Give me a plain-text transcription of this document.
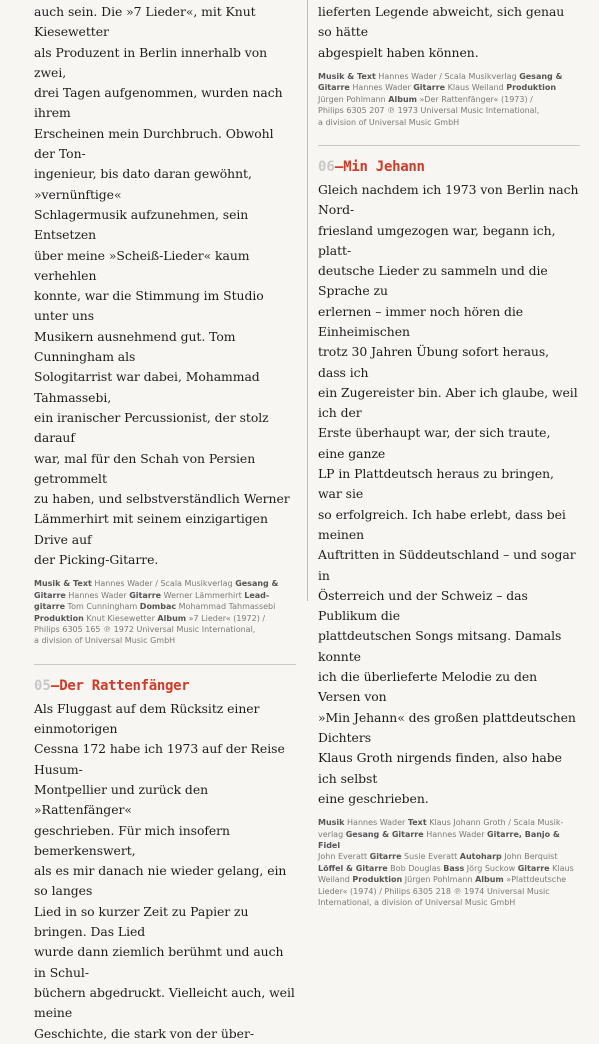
auch sein. Die »7 Lieder«, mit Knut Kiesewetter
als Produzent in Berlin innerhalb von zwei,
drei Tagen aufgenommen, wurden nach ihrem
Erscheinen mein Durchbruch. Obwohl der Ton-
ingenieur, bis dato daran gewöhnt, »vernünftige«
Schlagermusik aufzunehmen, sein Entsetzen
über meine »Scheiß-Lieder« kaum verhehlen
konnte, war die Stimmung im Studio unter uns
Musikern ausnehmend gut. Tom Cunningham als
Sologitarrist war dabei, Mohammad Tahmassebi,
ein iranischer Percussionist, der stolz darauf
war, mal für den Schah von Persien getrommelt
zu haben, und selbstverständlich Werner
Lämmerhirt mit seinem einzigartigen Drive auf
der Picking-Gitarre.

Musik & Text Hannes Wader / Scala Musikverlag Gesang &
Gitarre Hannes Wader Gitarre Werner Lämmerhirt Lead-
gitarre Tom Cunningham Dombac Mohammad Tahmassebi
Produktion Knut Kiesewetter Album »7 Lieder« (1972) /
Philips 6305 165 ℗ 1972 Universal Music International,
a division of Universal Music GmbH
05—Der Rattenfänger

Als Fluggast auf dem Rücksitz einer einmotorigen
Cessna 172 habe ich 1973 auf der Reise Husum-
Montpellier und zurück den »Rattenfänger«
geschrieben. Für mich insofern bemerkenswert,
als es mir danach nie wieder gelang, ein so langes
Lied in so kurzer Zeit zu Papier zu bringen. Das Lied
wurde dann ziemlich berühmt und auch in Schul-
büchern abgedruckt. Vielleicht auch, weil meine
Geschichte, die stark von der über-

lieferten Legende abweicht, sich genau so hätte
abgespielt haben können.

Musik & Text Hannes Wader / Scala Musikverlag Gesang &
Gitarre Hannes Wader Gitarre Klaus Weiland Produktion
Jürgen Pohlmann Album »Der Rattenfänger« (1973) /
Philips 6305 207 ℗ 1973 Universal Music International,
a division of Universal Music GmbH
06—Min Jehann

Gleich nachdem ich 1973 von Berlin nach Nord-
friesland umgezogen war, begann ich, platt-
deutsche Lieder zu sammeln und die Sprache zu
erlernen – immer noch hören die Einheimischen
trotz 30 Jahren Übung sofort heraus, dass ich
ein Zugereister bin. Aber ich glaube, weil ich der
Erste überhaupt war, der sich traute, eine ganze
LP in Plattdeutsch heraus zu bringen, war sie
so erfolgreich. Ich habe erlebt, dass bei meinen
Auftritten in Süddeutschland – und sogar in
Österreich und der Schweiz – das Publikum die
plattdeutschen Songs mitsang. Damals konnte
ich die überlieferte Melodie zu den Versen von
»Min Jehann« des großen plattdeutschen Dichters
Klaus Groth nirgends finden, also habe ich selbst
eine geschrieben.

Musik Hannes Wader Text Klaus Johann Groth / Scala Musik-
verlag Gesang & Gitarre Hannes Wader Gitarre, Banjo & Fidel
John Everatt Gitarre Susie Everatt Autoharp John Berquist
Löffel & Gitarre Bob Douglas Bass Jörg Suckow Gitarre Klaus
Weiland Produktion Jürgen Pohlmann Album »Plattdeutsche
Lieder« (1974) / Philips 6305 218 ℗ 1974 Universal Music
International, a division of Universal Music GmbH
